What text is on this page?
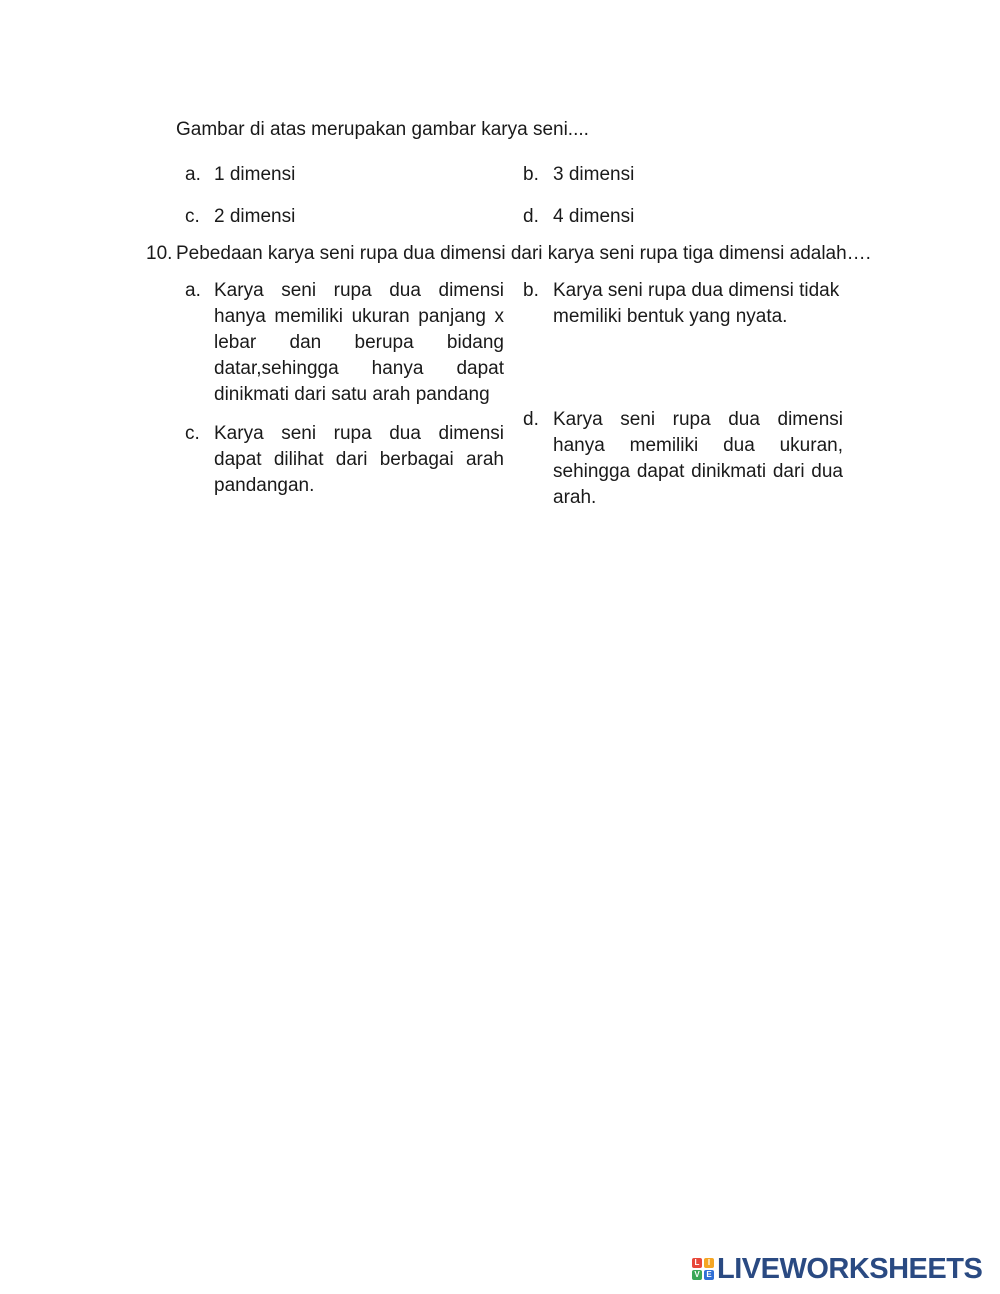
Gambar di atas merupakan gambar karya seni....
a. 1 dimensi	b. 3 dimensi
c. 2 dimensi	d. 4 dimensi
10. Pebedaan karya seni rupa dua dimensi dari karya seni rupa tiga dimensi adalah….
a. Karya seni rupa dua dimensi hanya memiliki ukuran panjang x lebar dan berupa bidang datar,sehingga hanya dapat dinikmati dari satu arah pandang
b. Karya seni rupa dua dimensi tidak memiliki bentuk yang nyata.
c. Karya seni rupa dua dimensi dapat dilihat dari berbagai arah pandangan.
d. Karya seni rupa dua dimensi hanya memiliki dua ukuran, sehingga dapat dinikmati dari dua arah.
L	I
V E LIVEWORKSHEETS
